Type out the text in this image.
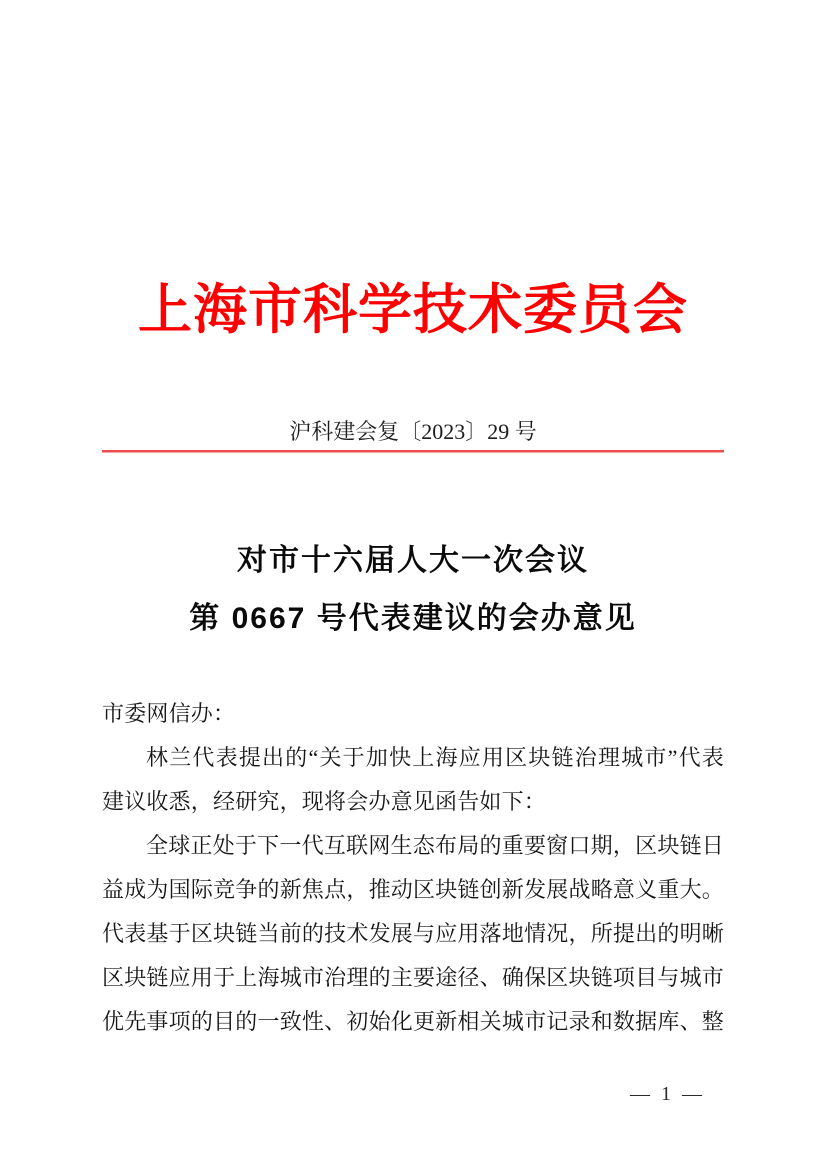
上海市科学技术委员会
沪科建会复〔2023〕29 号
对市十六届人大一次会议
第 0667 号代表建议的会办意见
市委网信办：
林兰代表提出的“关于加快上海应用区块链治理城市”代表
建议收悉，经研究，现将会办意见函告如下：
全球正处于下一代互联网生态布局的重要窗口期，区块链日
益成为国际竞争的新焦点，推动区块链创新发展战略意义重大。
代表基于区块链当前的技术发展与应用落地情况，所提出的明晰
区块链应用于上海城市治理的主要途径、确保区块链项目与城市
优先事项的目的一致性、初始化更新相关城市记录和数据库、整
— 1 —
